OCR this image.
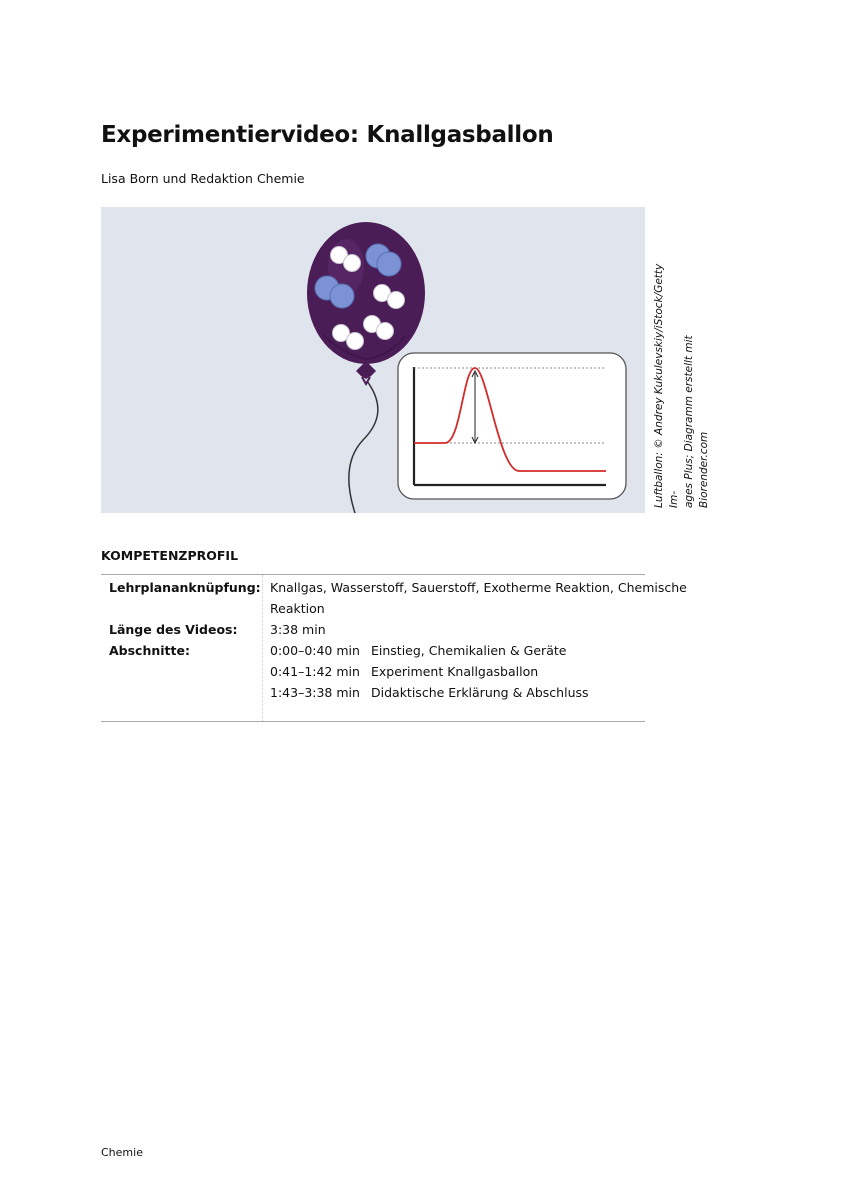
Experimentiervideo: Knallgasballon
Lisa Born und Redaktion Chemie
Luftballon: © Andrey Kukulevskiy/iStock/Getty Im- ages Plus; Diagramm erstellt mit Biorender.com
KOMPETENZPROFIL
Lehrplananknüpfung: Knallgas, Wasserstoff, Sauerstoff, Exotherme Reaktion, Chemische
Reaktion
Länge des Videos:	3:38 min
Abschnitte:	0:00–0:40 min Einstieg, Chemikalien & Geräte
0:41–1:42 min Experiment Knallgasballon
1:43–3:38 min Didaktische Erklärung & Abschluss
Chemie
